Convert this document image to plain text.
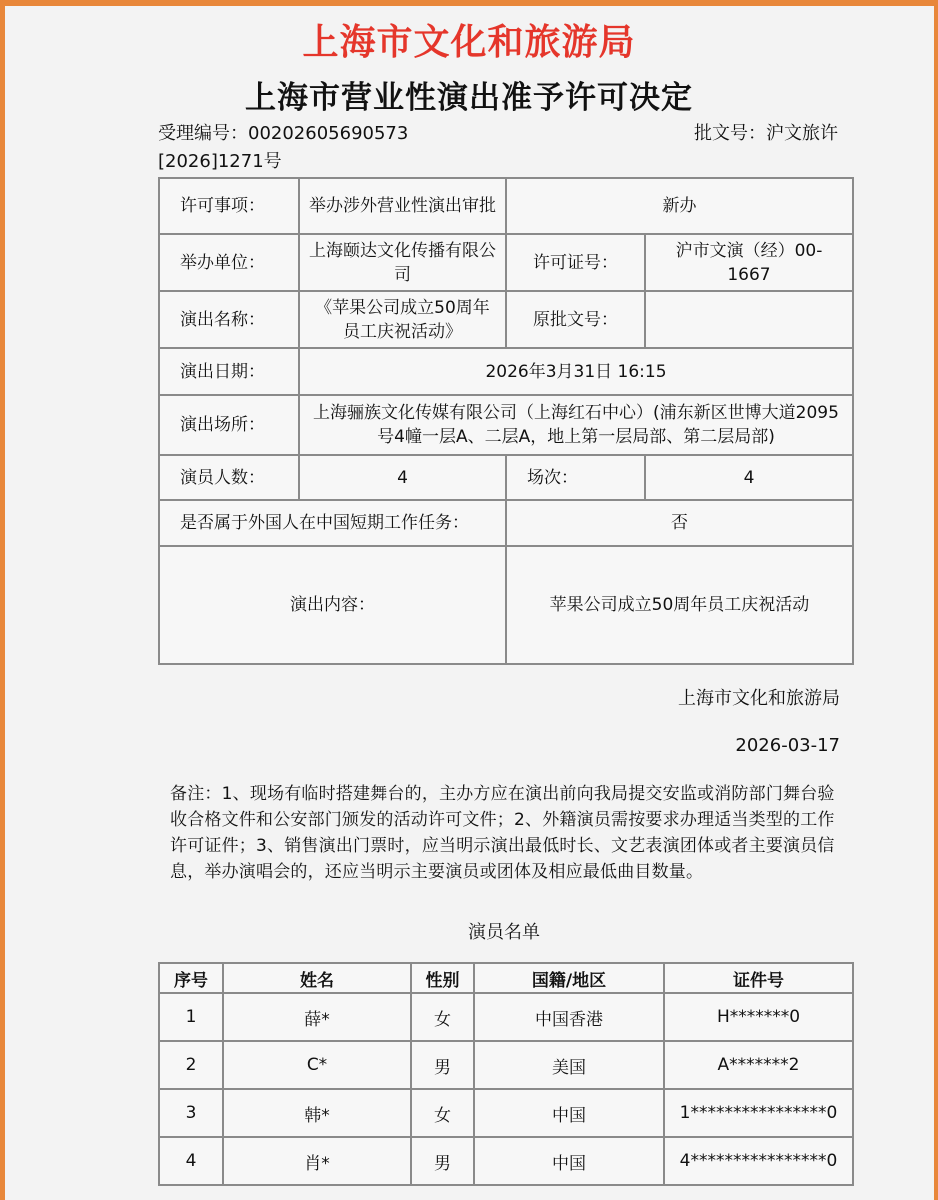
上海市文化和旅游局
上海市营业性演出准予许可决定
受理编号：00202605690573	批文号：沪文旅许
[2026]1271号
许可事项：	举办涉外营业性演出审批	新办	
举办单位：	上海颐达文化传播有限公司	许可证号：	沪市文演（经）00-1667
演出名称：	《苹果公司成立50周年员工庆祝活动》	原批文号：	
演出日期：	2026年3月31日 16:15		
演出场所：	上海骊族文化传媒有限公司（上海红石中心）(浦东新区世博大道2095号4幢一层A、二层A，地上第一层局部、第二层局部)		
演员人数：	4	场次：	4
是否属于外国人在中国短期工作任务：		否	
演出内容：		苹果公司成立50周年员工庆祝活动	
上海市文化和旅游局
2026-03-17
备注：1、现场有临时搭建舞台的，主办方应在演出前向我局提交安监或消防部门舞台验收合格文件和公安部门颁发的活动许可文件；2、外籍演员需按要求办理适当类型的工作许可证件；3、销售演出门票时，应当明示演出最低时长、文艺表演团体或者主要演员信息，举办演唱会的，还应当明示主要演员或团体及相应最低曲目数量。
演员名单
序号	姓名	性别	国籍/地区	证件号
1	薛*	女	中国香港	H*******0
2	C*	男	美国	A*******2
3	韩*	女	中国	1****************0
4	肖*	男	中国	4****************0
